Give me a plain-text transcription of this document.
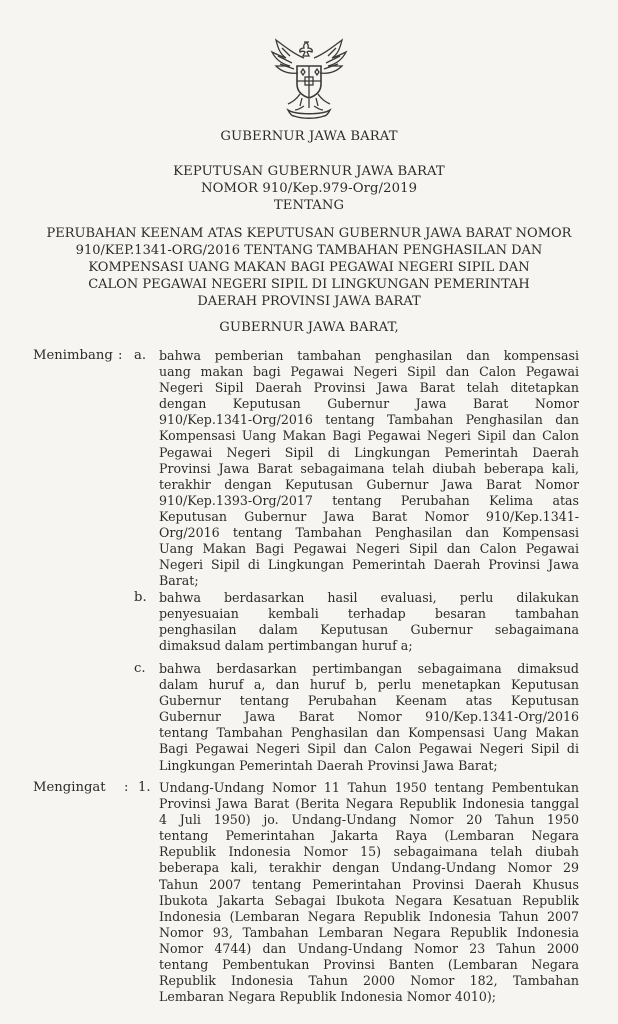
GUBERNUR JAWA BARAT
KEPUTUSAN GUBERNUR JAWA BARAT
NOMOR 910/Kep.979-Org/2019
TENTANG
PERUBAHAN KEENAM ATAS KEPUTUSAN GUBERNUR JAWA BARAT NOMOR
910/KEP.1341-ORG/2016 TENTANG TAMBAHAN PENGHASILAN DAN
KOMPENSASI UANG MAKAN BAGI PEGAWAI NEGERI SIPIL DAN
CALON PEGAWAI NEGERI SIPIL DI LINGKUNGAN PEMERINTAH
DAERAH PROVINSI JAWA BARAT
GUBERNUR JAWA BARAT,
Menimbang : a. bahwa pemberian tambahan penghasilan dan kompensasi
uang makan bagi Pegawai Negeri Sipil dan Calon Pegawai
Negeri Sipil Daerah Provinsi Jawa Barat telah ditetapkan
dengan Keputusan Gubernur Jawa Barat Nomor
910/Kep.1341-Org/2016 tentang Tambahan Penghasilan dan
Kompensasi Uang Makan Bagi Pegawai Negeri Sipil dan Calon
Pegawai Negeri Sipil di Lingkungan Pemerintah Daerah
Provinsi Jawa Barat sebagaimana telah diubah beberapa kali,
terakhir dengan Keputusan Gubernur Jawa Barat Nomor
910/Kep.1393-Org/2017 tentang Perubahan Kelima atas
Keputusan Gubernur Jawa Barat Nomor 910/Kep.1341-
Org/2016 tentang Tambahan Penghasilan dan Kompensasi
Uang Makan Bagi Pegawai Negeri Sipil dan Calon Pegawai
Negeri Sipil di Lingkungan Pemerintah Daerah Provinsi Jawa
Barat;
b. bahwa berdasarkan hasil evaluasi, perlu dilakukan
penyesuaian kembali terhadap besaran tambahan
penghasilan dalam Keputusan Gubernur sebagaimana
dimaksud dalam pertimbangan huruf a;
c. bahwa berdasarkan pertimbangan sebagaimana dimaksud
dalam huruf a, dan huruf b, perlu menetapkan Keputusan
Gubernur tentang Perubahan Keenam atas Keputusan
Gubernur Jawa Barat Nomor 910/Kep.1341-Org/2016
tentang Tambahan Penghasilan dan Kompensasi Uang Makan
Bagi Pegawai Negeri Sipil dan Calon Pegawai Negeri Sipil di
Lingkungan Pemerintah Daerah Provinsi Jawa Barat;
Mengingat : 1. Undang-Undang Nomor 11 Tahun 1950 tentang Pembentukan
Provinsi Jawa Barat (Berita Negara Republik Indonesia tanggal
4 Juli 1950) jo. Undang-Undang Nomor 20 Tahun 1950
tentang Pemerintahan Jakarta Raya (Lembaran Negara
Republik Indonesia Nomor 15) sebagaimana telah diubah
beberapa kali, terakhir dengan Undang-Undang Nomor 29
Tahun 2007 tentang Pemerintahan Provinsi Daerah Khusus
Ibukota Jakarta Sebagai Ibukota Negara Kesatuan Republik
Indonesia (Lembaran Negara Republik Indonesia Tahun 2007
Nomor 93, Tambahan Lembaran Negara Republik Indonesia
Nomor 4744) dan Undang-Undang Nomor 23 Tahun 2000
tentang Pembentukan Provinsi Banten (Lembaran Negara
Republik Indonesia Tahun 2000 Nomor 182, Tambahan
Lembaran Negara Republik Indonesia Nomor 4010);
